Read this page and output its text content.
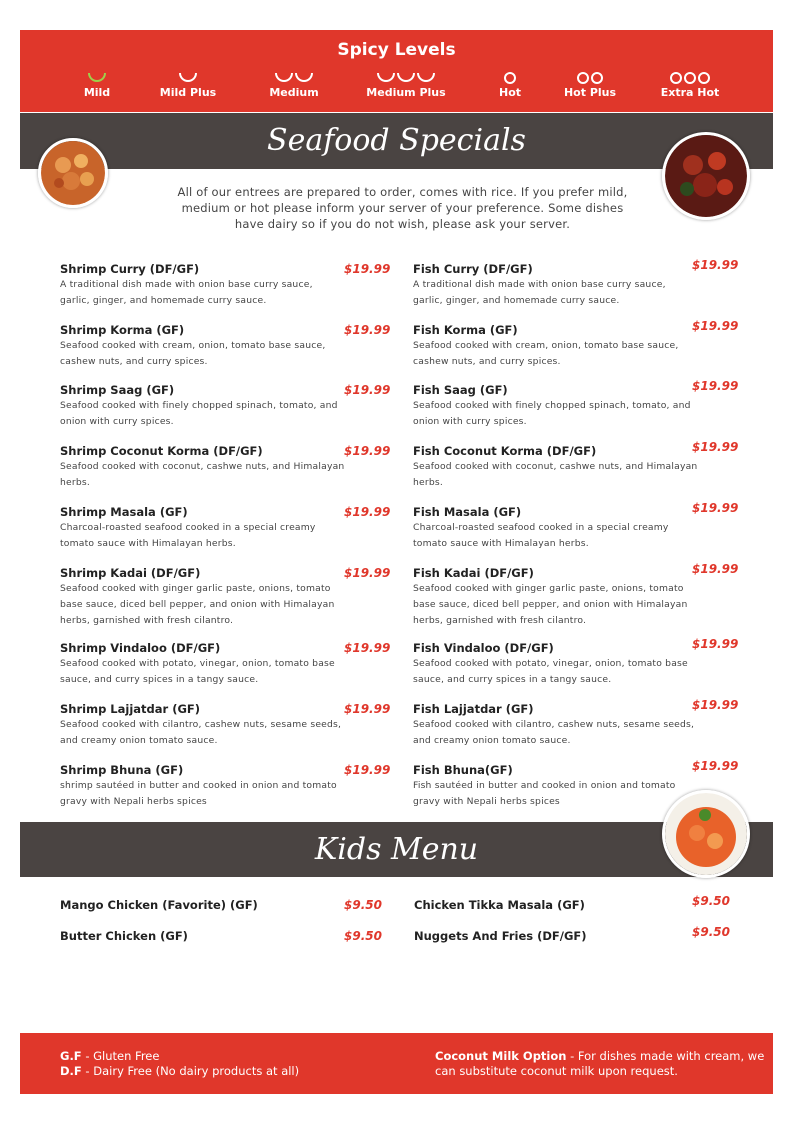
Spicy Levels
Mild	Mild Plus	Medium	Medium Plus	Hot	Hot Plus	Extra Hot
Seafood Specials
All of our entrees are prepared to order, comes with rice. If you prefer mild, medium or hot please inform your server of your preference. Some dishes have dairy so if you do not wish, please ask your server.
Shrimp Curry (DF/GF)
A traditional dish made with onion base curry sauce, garlic, ginger, and homemade curry sauce.
$19.99
Shrimp Korma (GF)
Seafood cooked with cream, onion, tomato base sauce, cashew nuts, and curry spices.
$19.99
Shrimp Saag (GF)
Seafood cooked with finely chopped spinach, tomato, and onion with curry spices.
$19.99
Shrimp Coconut Korma (DF/GF)
Seafood cooked with coconut, cashwe nuts, and Himalayan herbs.
$19.99
Shrimp Masala (GF)
Charcoal-roasted seafood cooked in a special creamy tomato sauce with Himalayan herbs.
$19.99
Shrimp Kadai (DF/GF)
Seafood cooked with ginger garlic paste, onions, tomato base sauce, diced bell pepper, and onion with Himalayan herbs, garnished with fresh cilantro.
$19.99
Shrimp Vindaloo (DF/GF)
Seafood cooked with potato, vinegar, onion, tomato base sauce, and curry spices in a tangy sauce.
$19.99
Shrimp Lajjatdar (GF)
Seafood cooked with cilantro, cashew nuts, sesame seeds, and creamy onion tomato sauce.
$19.99
Shrimp Bhuna (GF)
shrimp sautéed in butter and cooked in onion and tomato gravy with Nepali herbs spices
$19.99
Fish Curry (DF/GF)
A traditional dish made with onion base curry sauce, garlic, ginger, and homemade curry sauce.
$19.99
Fish Korma (GF)
Seafood cooked with cream, onion, tomato base sauce, cashew nuts, and curry spices.
$19.99
Fish Saag (GF)
Seafood cooked with finely chopped spinach, tomato, and onion with curry spices.
$19.99
Fish Coconut Korma (DF/GF)
Seafood cooked with coconut, cashwe nuts, and Himalayan herbs.
$19.99
Fish Masala (GF)
Charcoal-roasted seafood cooked in a special creamy tomato sauce with Himalayan herbs.
$19.99
Fish Kadai (DF/GF)
Seafood cooked with ginger garlic paste, onions, tomato base sauce, diced bell pepper, and onion with Himalayan herbs, garnished with fresh cilantro.
$19.99
Fish Vindaloo (DF/GF)
Seafood cooked with potato, vinegar, onion, tomato base sauce, and curry spices in a tangy sauce.
$19.99
Fish Lajjatdar (GF)
Seafood cooked with cilantro, cashew nuts, sesame seeds, and creamy onion tomato sauce.
$19.99
Fish Bhuna(GF)
Fish sautéed in butter and cooked in onion and tomato gravy with Nepali herbs spices
$19.99
Kids Menu
Mango Chicken (Favorite) (GF)	$9.50
Butter Chicken (GF)	$9.50
Chicken Tikka Masala (GF)	$9.50
Nuggets And Fries (DF/GF)	$9.50
G.F - Gluten Free
D.F - Dairy Free (No dairy products at all)
Coconut Milk Option - For dishes made with cream, we can substitute coconut milk upon request.
